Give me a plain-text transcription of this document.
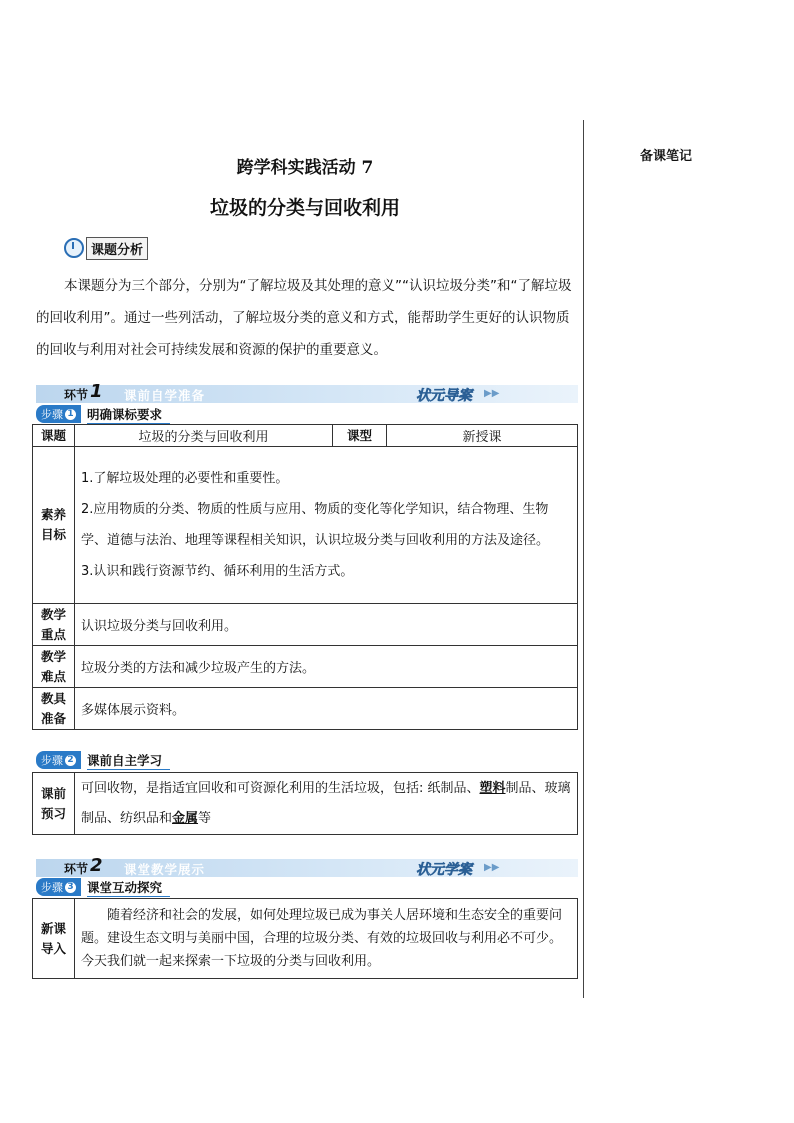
备课笔记
跨学科实践活动 7
垃圾的分类与回收利用
课题分析
本课题分为三个部分，分别为“了解垃圾及其处理的意义”“认识垃圾分类”和“了解垃圾的回收利用”。通过一些列活动，了解垃圾分类的意义和方式，能帮助学生更好的认识物质的回收与利用对社会可持续发展和资源的保护的重要意义。
环节 1 课前自学准备	状元导案 ▶▶
步骤 1 明确课标要求
课题	垃圾的分类与回收利用	课型	新授课
素养目标	1.了解垃圾处理的必要性和重要性。
2.应用物质的分类、物质的性质与应用、物质的变化等化学知识，结合物理、生物学、道德与法治、地理等课程相关知识，认识垃圾分类与回收利用的方法及途径。
3.认识和践行资源节约、循环利用的生活方式。		

教学重点	认识垃圾分类与回收利用。		
教学难点	垃圾分类的方法和减少垃圾产生的方法。		
教具准备	多媒体展示资料。		
步骤 2 课前自主学习
课前预习	可回收物，是指适宜回收和可资源化利用的生活垃圾，包括: 纸制品、塑料制品、玻璃制品、纺织品和金属等
环节 2 课堂教学展示	状元学案 ▶▶
步骤 3 课堂互动探究
新课导入	随着经济和社会的发展，如何处理垃圾已成为事关人居环境和生态安全的重要问题。建设生态文明与美丽中国，合理的垃圾分类、有效的垃圾回收与利用必不可少。今天我们就一起来探索一下垃圾的分类与回收利用。
